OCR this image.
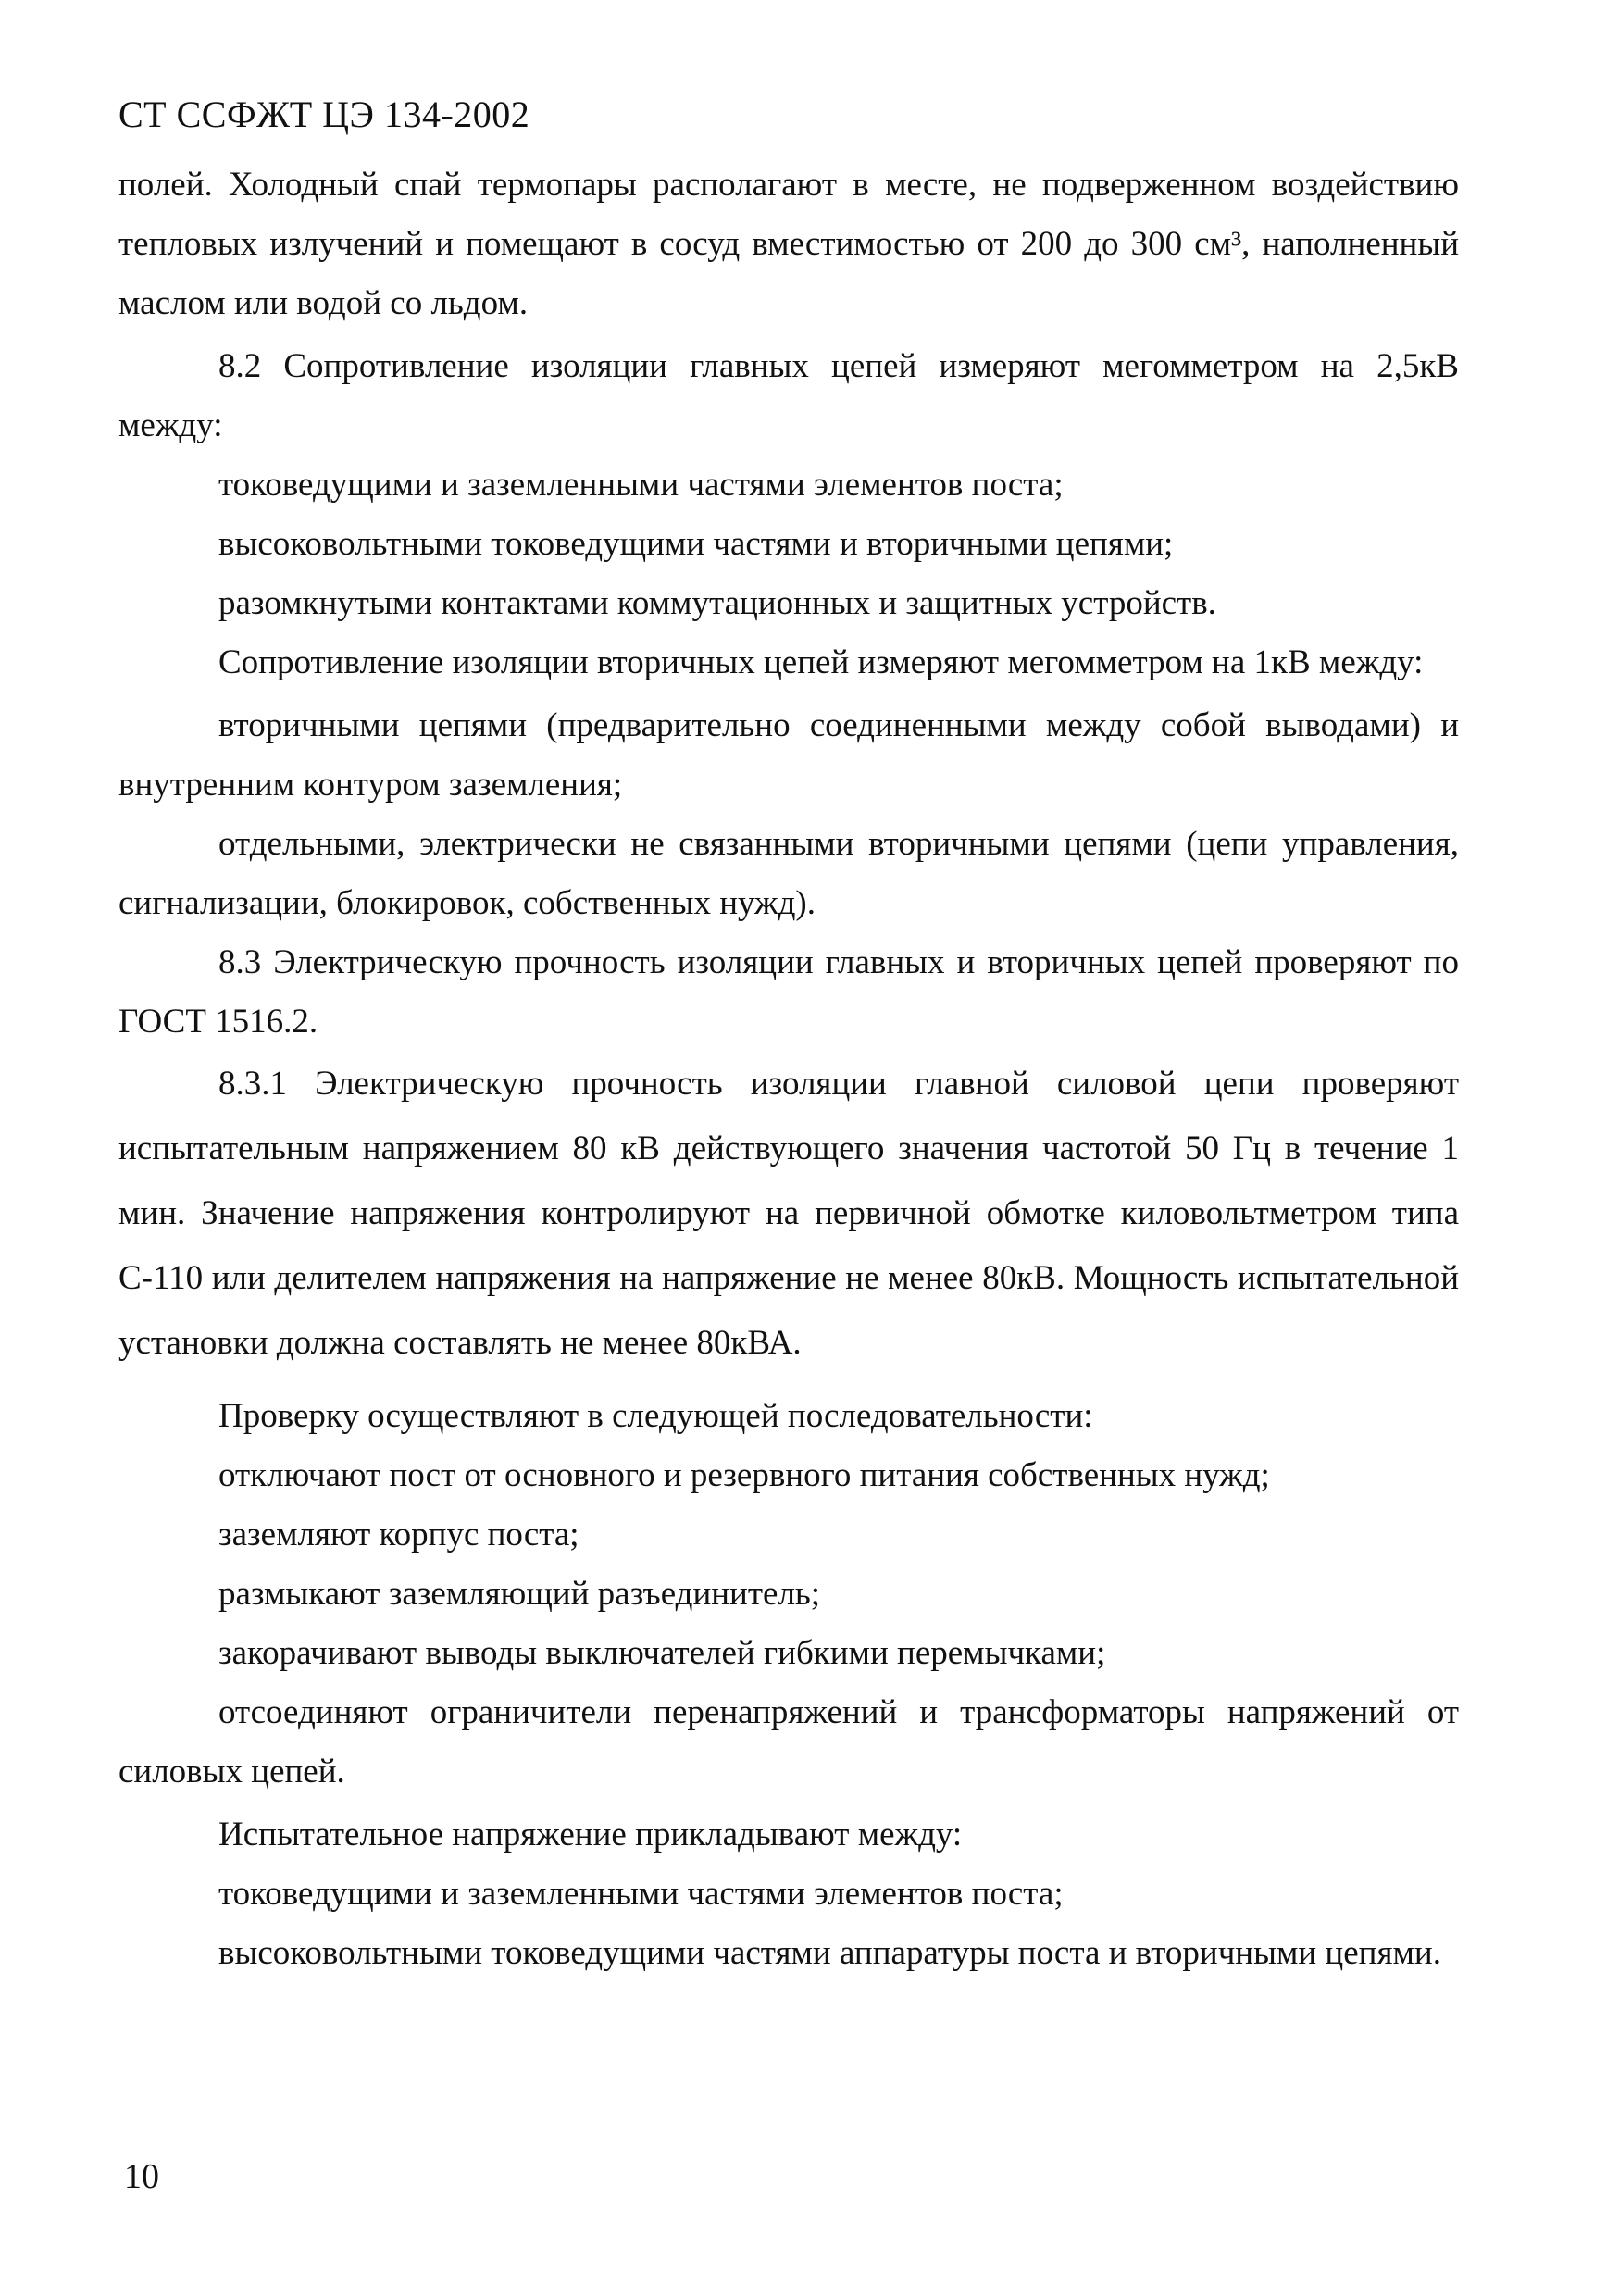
СТ ССФЖТ ЦЭ 134-2002

полей. Холодный спай термопары располагают в месте, не подверженном воздействию тепловых излучений и помещают в сосуд вместимостью от 200 до 300 см³, наполненный маслом или водой со льдом.

8.2 Сопротивление изоляции главных цепей измеряют мегомметром на 2,5кВ между:

токоведущими и заземленными частями элементов поста;

высоковольтными токоведущими частями и вторичными цепями;

разомкнутыми контактами коммутационных и защитных устройств.

Сопротивление изоляции вторичных цепей измеряют мегомметром на 1кВ между:

вторичными цепями (предварительно соединенными между собой выводами) и внутренним контуром заземления;

отдельными, электрически не связанными вторичными цепями (цепи управления, сигнализации, блокировок, собственных нужд).

8.3 Электрическую прочность изоляции главных и вторичных цепей проверяют по ГОСТ 1516.2.

8.3.1 Электрическую прочность изоляции главной силовой цепи проверяют испытательным напряжением 80 кВ действующего значения частотой 50 Гц в течение 1 мин. Значение напряжения контролируют на первичной обмотке киловольтметром типа С-110 или делителем напряжения на напряжение не менее 80кВ. Мощность испытательной установки должна составлять не менее 80кВА.

Проверку осуществляют в следующей последовательности:

отключают пост от основного и резервного питания собственных нужд;

заземляют корпус поста;

размыкают заземляющий разъединитель;

закорачивают выводы выключателей гибкими перемычками;

отсоединяют ограничители перенапряжений и трансформаторы напряжений от силовых цепей.

Испытательное напряжение прикладывают между:

токоведущими и заземленными частями элементов поста;

высоковольтными токоведущими частями аппаратуры поста и вторичными цепями.

10
